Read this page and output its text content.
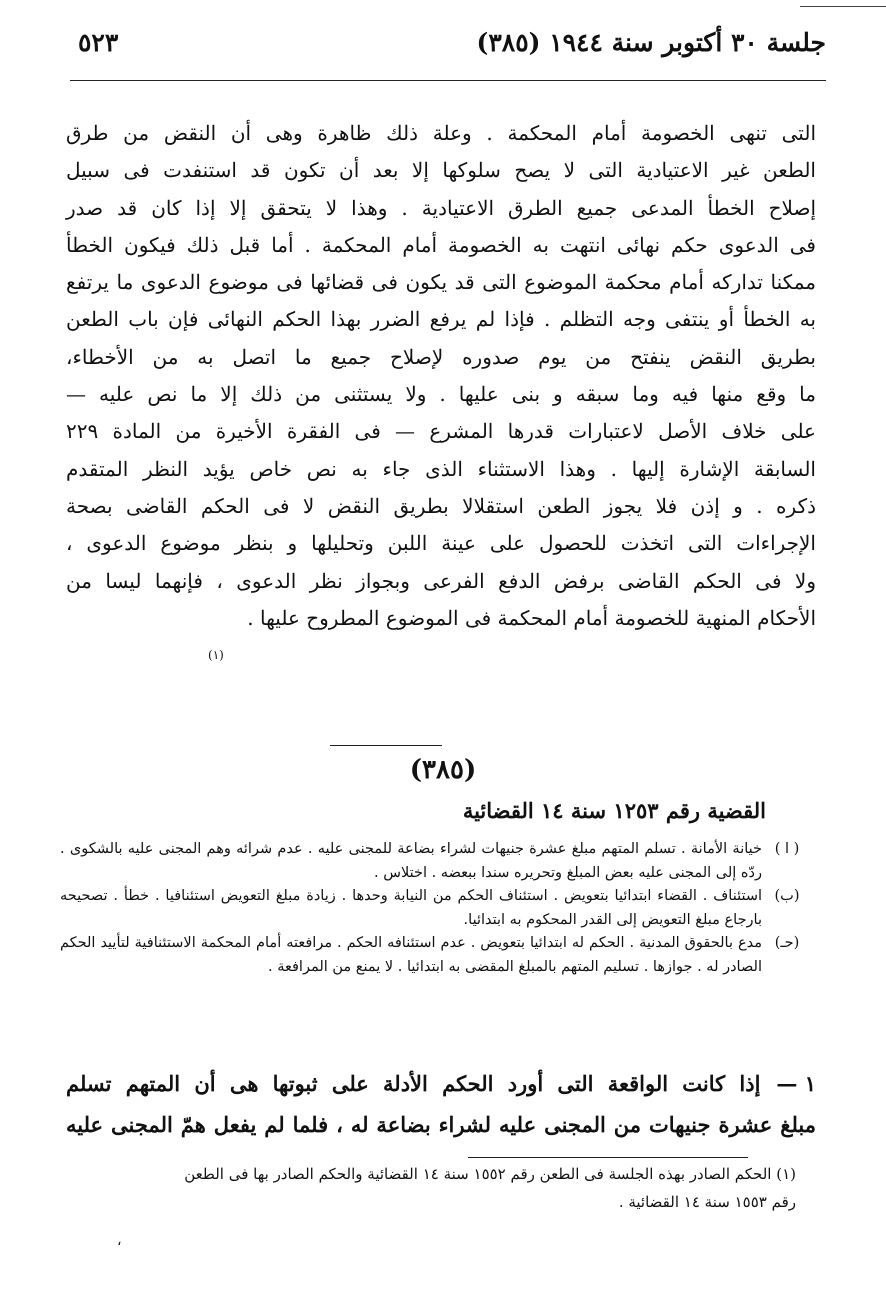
جلسة ٣٠ أكتوبر سنة ١٩٤٤ (٣٨٥)
٥٢٣

التى تنهى الخصومة أمام المحكمة . وعلة ذلك ظاهرة وهى أن النقض من طرق

الطعن غير الاعتيادية التى لا يصح سلوكها إلا بعد أن تكون قد استنفدت فى سبيل

إصلاح الخطأ المدعى جميع الطرق الاعتيادية . وهذا لا يتحقق إلا إذا كان قد صدر

فى الدعوى حكم نهائى انتهت به الخصومة أمام المحكمة . أما قبل ذلك فيكون الخطأ

ممكنا تداركه أمام محكمة الموضوع التى قد يكون فى قضائها فى موضوع الدعوى ما يرتفع

به الخطأ أو ينتفى وجه التظلم . فإذا لم يرفع الضرر بهذا الحكم النهائى فإن باب الطعن

بطريق النقض ينفتح من يوم صدوره لإصلاح جميع ما اتصل به من الأخطاء،

ما وقع منها فيه وما سبقه و بنى عليها . ولا يستثنى من ذلك إلا ما نص عليه —

على خلاف الأصل لاعتبارات قدرها المشرع — فى الفقرة الأخيرة من المادة ٢٢٩

السابقة الإشارة إليها . وهذا الاستثناء الذى جاء به نص خاص يؤيد النظر المتقدم

ذكره . و إذن فلا يجوز الطعن استقلالا بطريق النقض لا فى الحكم القاضى بصحة

الإجراءات التى اتخذت للحصول على عينة اللبن وتحليلها و بنظر موضوع الدعوى ،

ولا فى الحكم القاضى برفض الدفع الفرعى وبجواز نظر الدعوى ، فإنهما ليسا من

الأحكام المنهية للخصومة أمام المحكمة فى الموضوع المطروح عليها .

(١)
(٣٨٥)
القضية رقم ١٢٥٣ سنة ١٤ القضائية
( ا )
خيانة الأمانة . تسلم المتهم مبلغ عشرة جنيهات لشراء بضاعة للمجنى عليه . عدم شرائه وهم المجنى عليه بالشكوى . ردّه إلى المجنى عليه بعض المبلغ وتحريره سندا ببعضه . اختلاس .
(ب)
استئناف . القضاء ابتدائيا بتعويض . استئناف الحكم من النيابة وحدها . زيادة مبلغ التعويض استئنافيا . خطأ . تصحيحه بارجاع مبلغ التعويض إلى القدر المحكوم به ابتدائيا.
(حـ)
مدع بالحقوق المدنية . الحكم له ابتدائيا بتعويض . عدم استئنافه الحكم . مرافعته أمام المحكمة الاستئنافية لتأييد الحكم الصادر له . جوازها . تسليم المتهم بالمبلغ المقضى به ابتدائيا . لا يمنع من المرافعة .

١ —إذا كانت الواقعة التى أورد الحكم الأدلة على ثبوتها هى أن المتهم تسلم

مبلغ عشرة جنيهات من المجنى عليه لشراء بضاعة له ، فلما لم يفعل همّ المجنى عليه

(١) الحكم الصادر بهذه الجلسة فى الطعن رقم ١٥٥٢ سنة ١٤ القضائية والحكم الصادر بها فى الطعن

رقم ١٥٥٣ سنة ١٤ القضائية .

،
